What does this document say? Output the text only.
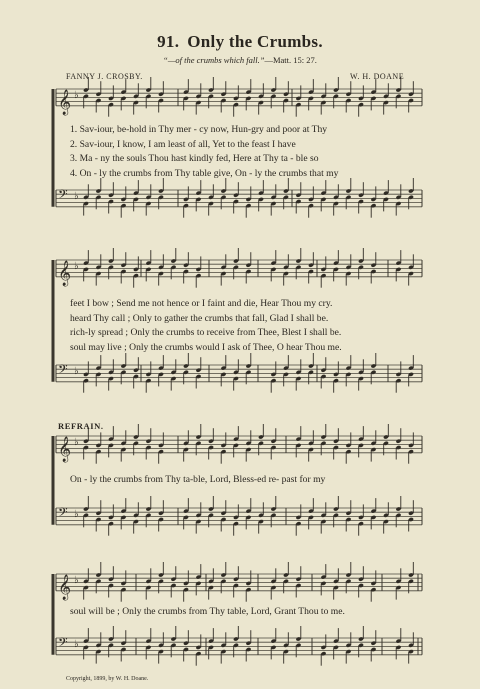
91. Only the Crumbs.
“—of the crumbs which fall.”—Matt. 15: 27.
FANNY J. CROSBY.	W. H. DOANE
𝄞 ♭
𝄢 ♭
𝄞 ♭
𝄢 ♭
𝄞 ♭
𝄢 ♭
𝄞 ♭
𝄢 ♭
1. Sav-iour, be-hold in Thy mer - cy now, Hun-gry and poor at Thy
2. Sav-iour, I know, I am least of all, Yet to the feast I have
3. Ma - ny the souls Thou hast kindly fed, Here at Thy ta - ble so
4. On - ly the crumbs from Thy table give, On - ly the crumbs that my
feet I bow ; Send me not hence or I faint and die, Hear Thou my cry.
heard Thy call ; Only to gather the crumbs that fall, Glad I shall be.
rich-ly spread ; Only the crumbs to receive from Thee, Blest I shall be.
soul may live ; Only the crumbs would I ask of Thee, O hear Thou me.
REFRAIN.
On - ly the crumbs from Thy ta-ble, Lord, Bless-ed re- past for my
soul will be ; Only the crumbs from Thy table, Lord, Grant Thou to me.
Copyright, 1899, by W. H. Doane.
